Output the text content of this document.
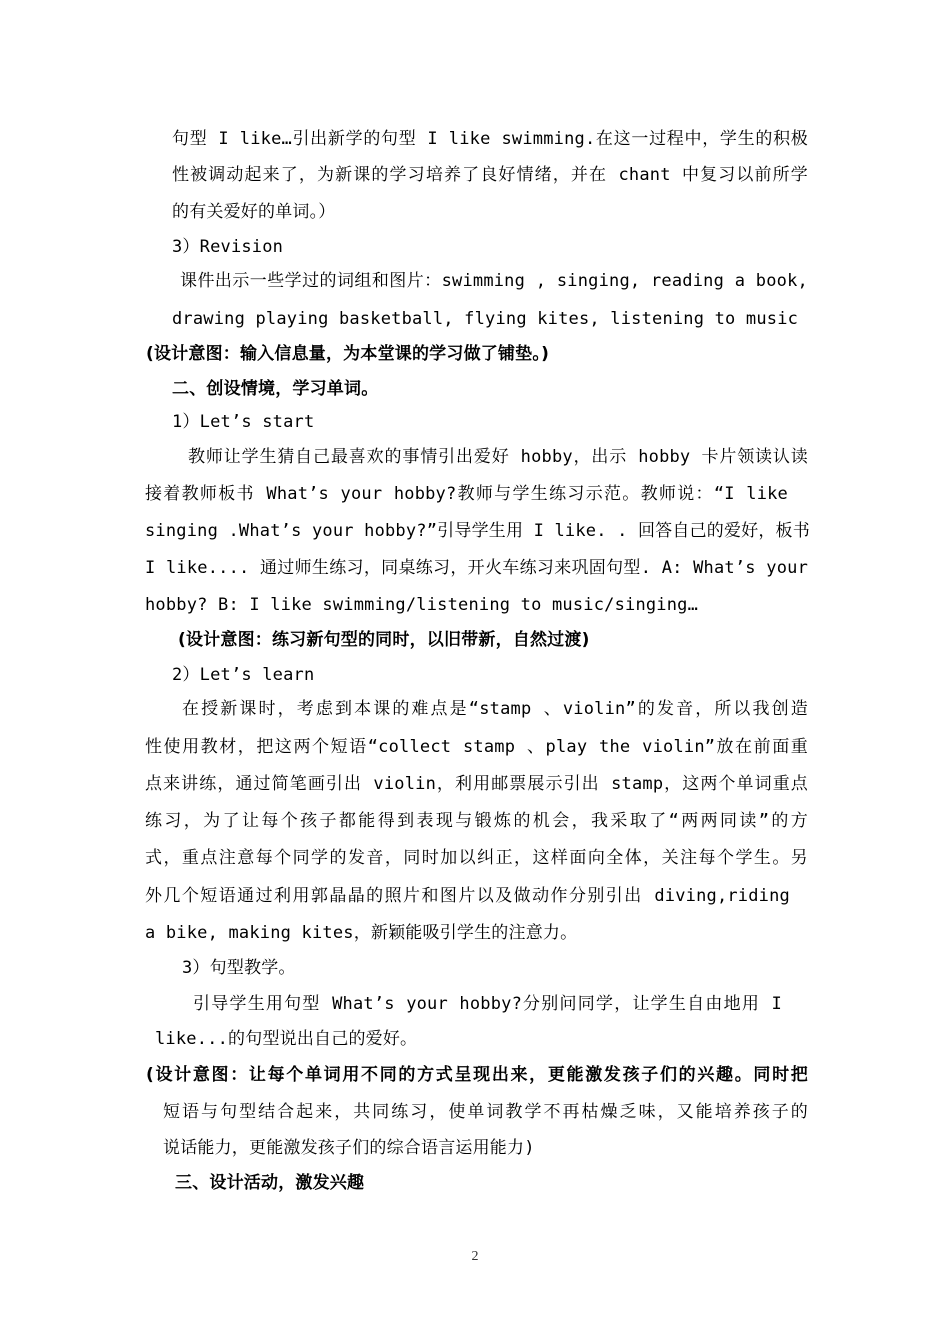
句型 I like…引出新学的句型 I like swimming.在这一过程中，学生的积极
性被调动起来了，为新课的学习培养了良好情绪，并在 chant 中复习以前所学
的有关爱好的单词。）
3）Revision
课件出示一些学过的词组和图片：swimming , singing, reading a book,
drawing playing basketball, flying kites, listening to music
(设计意图：输入信息量，为本堂课的学习做了铺垫。)
二、创设情境，学习单词。
1）Let’s start
教师让学生猜自己最喜欢的事情引出爱好 hobby，出示 hobby 卡片领读认读
接着教师板书 What’s your hobby?教师与学生练习示范。教师说：“I like
singing .What’s your hobby?”引导学生用 I like. . 回答自己的爱好，板书
I like.... 通过师生练习，同桌练习，开火车练习来巩固句型. A: What’s your
hobby? B: I like swimming/listening to music/singing…
(设计意图：练习新句型的同时，以旧带新，自然过渡)
2）Let’s learn
在授新课时，考虑到本课的难点是“stamp 、violin”的发音，所以我创造
性使用教材，把这两个短语“collect stamp 、play the violin”放在前面重
点来讲练，通过简笔画引出 violin，利用邮票展示引出 stamp，这两个单词重点
练习，为了让每个孩子都能得到表现与锻炼的机会，我采取了“两两同读”的方
式，重点注意每个同学的发音，同时加以纠正，这样面向全体，关注每个学生。另
外几个短语通过利用郭晶晶的照片和图片以及做动作分别引出 diving,riding
a bike, making kites，新颖能吸引学生的注意力。
3）句型教学。
引导学生用句型 What’s your hobby?分别问同学，让学生自由地用 I
like...的句型说出自己的爱好。
(设计意图：让每个单词用不同的方式呈现出来，更能激发孩子们的兴趣。同时把
短语与句型结合起来，共同练习，使单词教学不再枯燥乏味，又能培养孩子的
说话能力，更能激发孩子们的综合语言运用能力)
三、设计活动，激发兴趣
2
